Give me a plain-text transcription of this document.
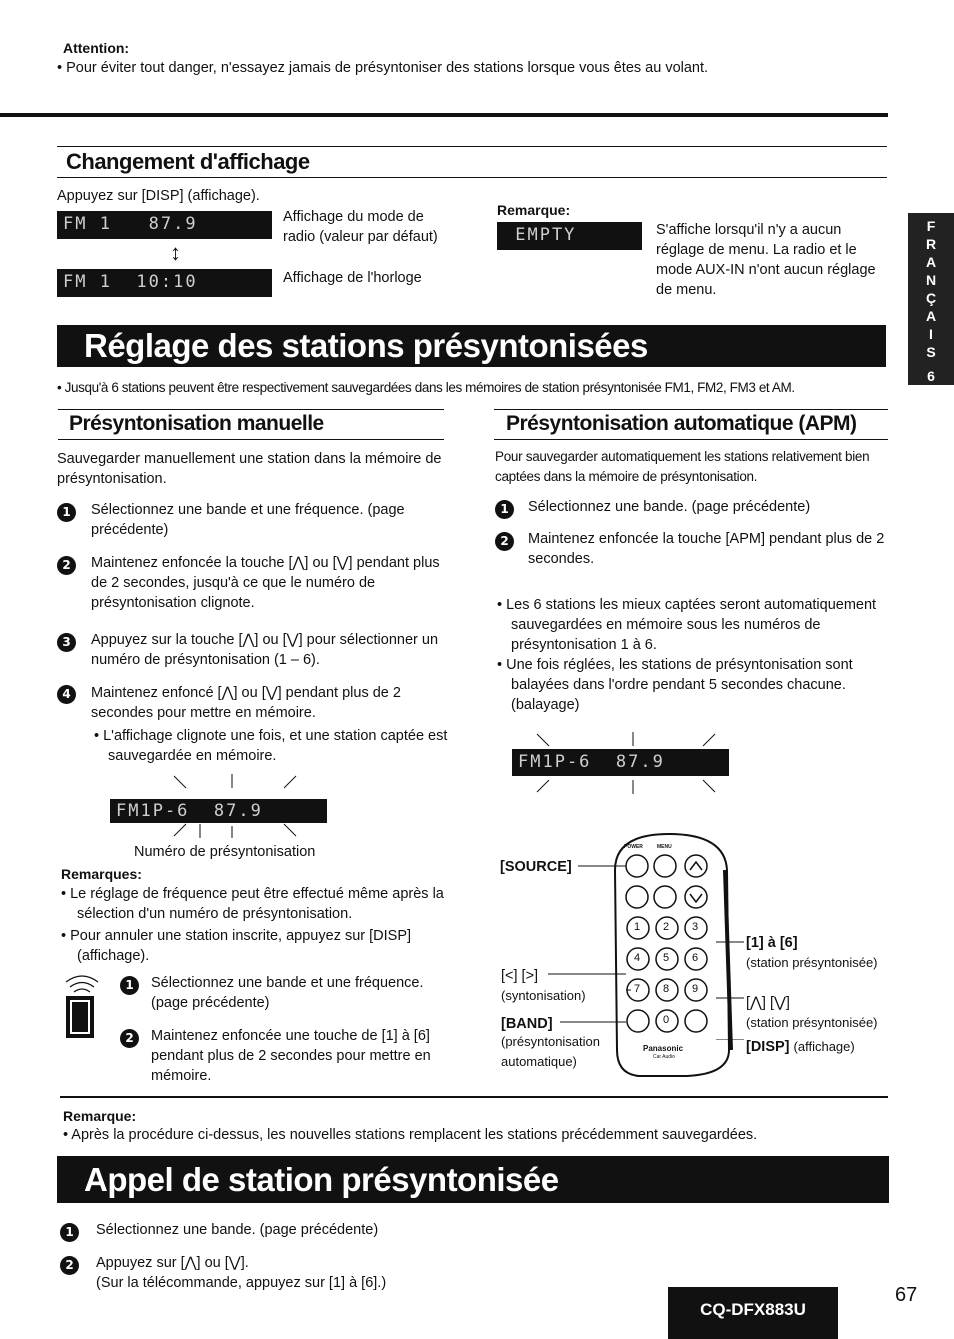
Attention:
• Pour éviter tout danger, n'essayez jamais de présyntoniser des stations lorsque vous êtes au volant.
Changement d'affichage
Appuyez sur [DISP] (affichage).
FM 1   87.9	Affichage du mode de radio (valeur par défaut)
↕
FM 1  10:10	Affichage de l'horloge
Remarque:
EMPTY	S'affiche lorsqu'il n'y a aucun réglage de menu. La radio et le mode AUX-IN n'ont aucun réglage de menu.
F
R
A
N
Ç
A
I
S
6
Réglage des stations présyntonisées
• Jusqu'à 6 stations peuvent être respectivement sauvegardées dans les mémoires de station présyntonisée FM1, FM2, FM3 et AM.
Présyntonisation manuelle
Sauvegarder manuellement une station dans la mémoire de présyntonisation.
1	Sélectionnez une bande et une fréquence. (page précédente)
2	Maintenez enfoncée la touche [⋀] ou [⋁] pendant plus de 2 secondes, jusqu'à ce que le numéro de présyntonisation clignote.
3	Appuyez sur la touche [⋀] ou [⋁] pour sélectionner un numéro de présyntonisation (1 – 6).
4	Maintenez enfoncé [⋀] ou [⋁] pendant plus de 2 secondes pour mettre en mémoire.
• L'affichage clignote une fois, et une station captée est sauvegardée en mémoire.
FM1P-6  87.9
Numéro de présyntonisation
Remarques:
• Le réglage de fréquence peut être effectué même après la sélection d'un numéro de présyntonisation.
• Pour annuler une station inscrite, appuyez sur [DISP] (affichage).
1	Sélectionnez une bande et une fréquence. (page précédente)
2	Maintenez enfoncée une touche de [1] à [6] pendant plus de 2 secondes pour mettre en mémoire.
Présyntonisation automatique (APM)
Pour sauvegarder automatiquement les stations relativement bien captées dans la mémoire de présyntonisation.
1	Sélectionnez une bande. (page précédente)
2	Maintenez enfoncée la touche [APM] pendant plus de 2 secondes.
• Les 6 stations les mieux captées seront automatiquement sauvegardées en mémoire sous les numéros de présyntonisation 1 à 6.
• Une fois réglées, les stations de présyntonisation sont balayées dans l'ordre pendant 5 secondes chacune. (balayage)
FM1P-6  87.9
POWER	MENU
1 2 3
4 5 6
7 8 9
0
Panasonic
Car Audio
[SOURCE]
[<] [>]
(syntonisation)
[BAND]
(présyntonisation automatique)
[1] à [6]
(station présyntonisée)
[⋀] [⋁]
(station présyntonisée)
[DISP] (affichage)
Remarque:
• Après la procédure ci-dessus, les nouvelles stations remplacent les stations précédemment sauvegardées.
Appel de station présyntonisée
1	Sélectionnez une bande. (page précédente)
2	Appuyez sur [⋀] ou [⋁].
(Sur la télécommande, appuyez sur [1] à [6].)
CQ-DFX883U
67
